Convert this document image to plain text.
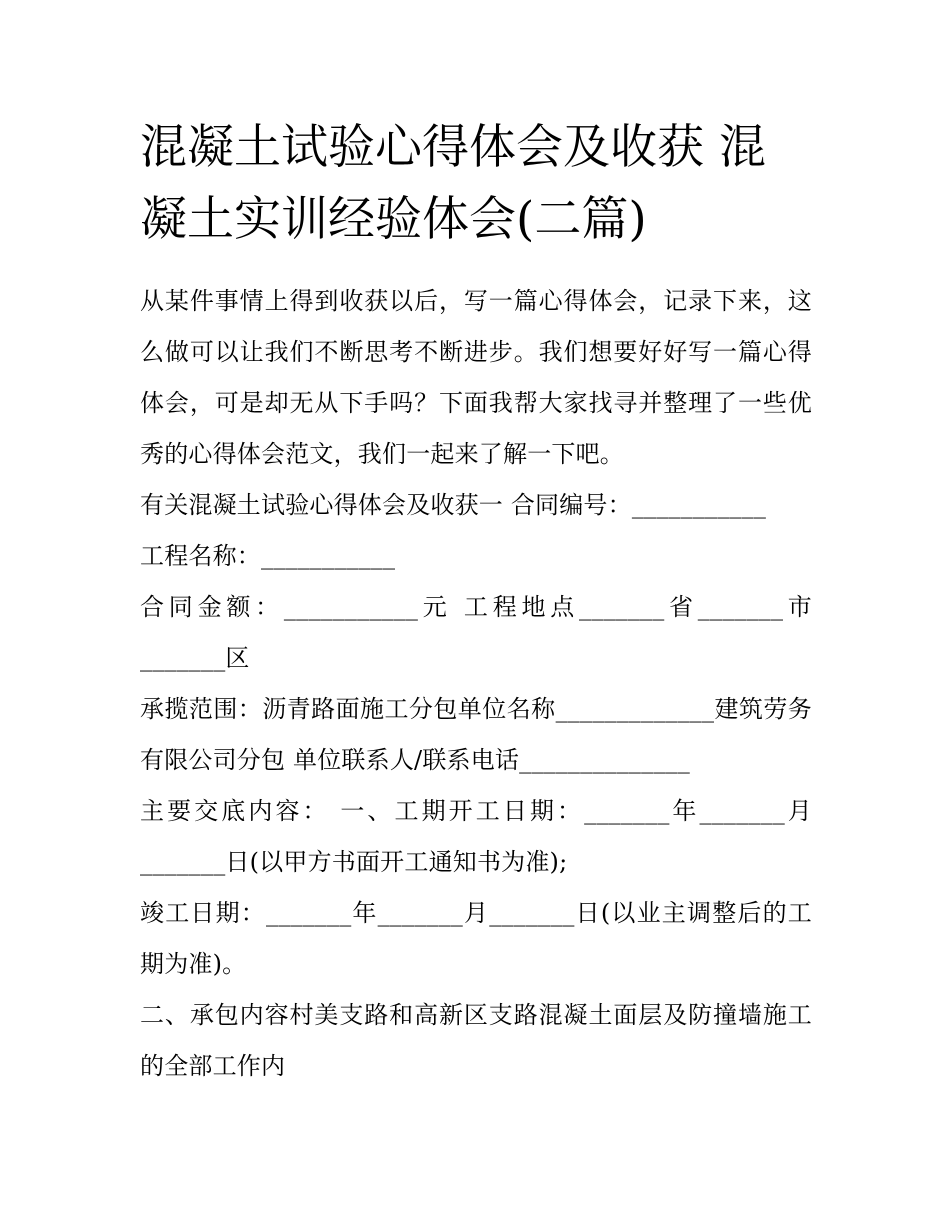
混凝土试验心得体会及收获 混凝土实训经验体会(二篇)

从某件事情上得到收获以后，写一篇心得体会，记录下来，这么做可以让我们不断思考不断进步。我们想要好好写一篇心得体会，可是却无从下手吗？下面我帮大家找寻并整理了一些优秀的心得体会范文，我们一起来了解一下吧。

有关混凝土试验心得体会及收获一 合同编号：___________

工程名称：___________

合同金额：___________元 工程地点_______省_______市_______区

承揽范围：沥青路面施工分包单位名称_____________建筑劳务有限公司分包 单位联系人/联系电话______________

主要交底内容： 一、工期开工日期：_______年_______月_______日(以甲方书面开工通知书为准);

竣工日期：_______年_______月_______日(以业主调整后的工期为准)。

二、承包内容村美支路和高新区支路混凝土面层及防撞墙施工的全部工作内
